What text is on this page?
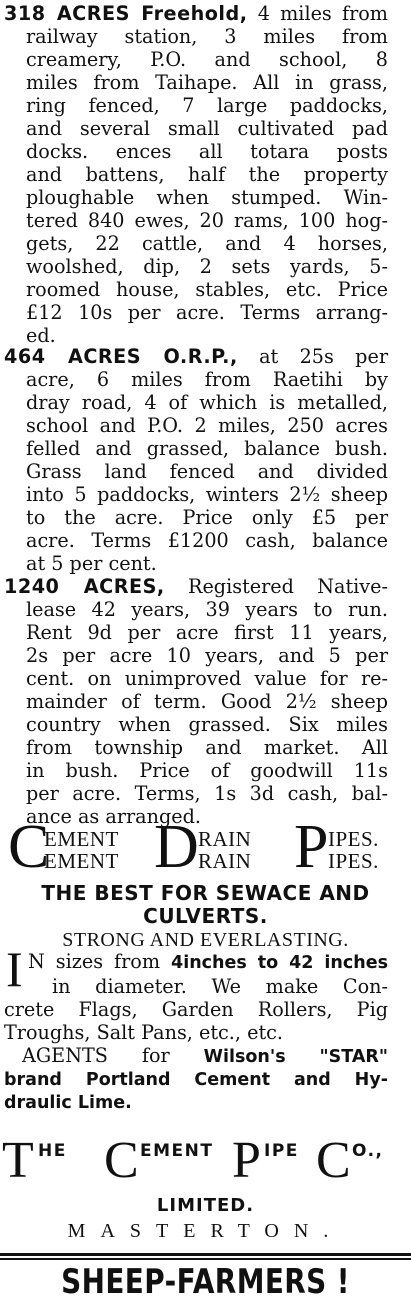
318 ACRES Freehold, 4 miles from
railway station, 3 miles from
creamery, P.O. and school, 8
miles from Taihape. All in grass,
ring fenced, 7 large paddocks,
and several small cultivated pad
docks. ences all totara posts
and battens, half the property
ploughable when stumped. Win-
tered 840 ewes, 20 rams, 100 hog-
gets, 22 cattle, and 4 horses,
woolshed, dip, 2 sets yards, 5-
roomed house, stables, etc. Price
£12 10s per acre. Terms arrang-
ed.
464 ACRES O.R.P., at 25s per
acre, 6 miles from Raetihi by
dray road, 4 of which is metalled,
school and P.O. 2 miles, 250 acres
felled and grassed, balance bush.
Grass land fenced and divided
into 5 paddocks, winters 2½ sheep
to the acre. Price only £5 per
acre. Terms £1200 cash, balance
at 5 per cent.
1240 ACRES, Registered Native-
lease 42 years, 39 years to run.
Rent 9d per acre first 11 years,
2s per acre 10 years, and 5 per
cent. on unimproved value for re-
mainder of term. Good 2½ sheep
country when grassed. Six miles
from township and market. All
in bush. Price of goodwill 11s
per acre. Terms, 1s 3d cash, bal-
ance as arranged.
C
EMENT
EMENT D RAIN
RAIN P IPES.
IPES.
THE BEST FOR SEWACE AND
CULVERTS.
STRONG AND EVERLASTING.
I N sizes from 4inches to 42 inches
in diameter. We make Con-
crete Flags, Garden Rollers, Pig
Troughs, Salt Pans, etc., etc.
AGENTS for Wilson's "STAR"
brand Portland Cement and Hy-
draulic Lime.
T HE C EMENT P IPE C O.,
LIMITED.
MASTERTON.
SHEEP-FARMERS !
